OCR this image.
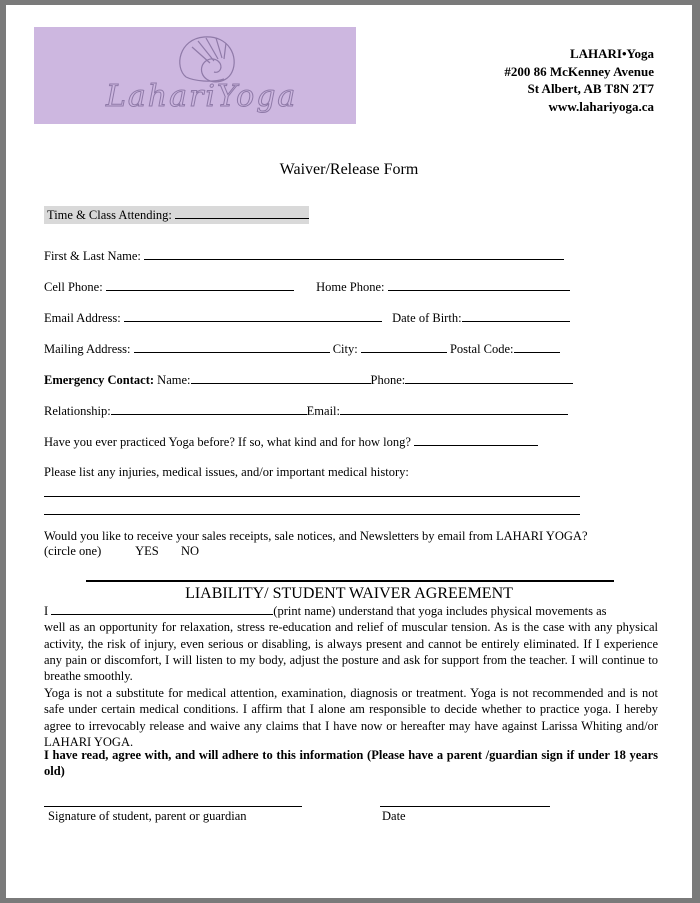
LahariYoga
LAHARI•Yoga
#200 86 McKenney Avenue
St Albert, AB T8N 2T7
www.lahariyoga.ca
Waiver/Release Form
Time & Class Attending:
First & Last Name:
Cell Phone:	Home Phone:
Email Address:	Date of Birth:
Mailing Address:	City:	Postal Code:
Emergency Contact: Name:	Phone:
Relationship:	Email:
Have you ever practiced Yoga before? If so, what kind and for how long?
Please list any injuries, medical issues, and/or important medical history:
Would you like to receive your sales receipts, sale notices, and Newsletters by email from LAHARI YOGA?
(circle one)	YES NO
LIABILITY/ STUDENT WAIVER AGREEMENT
I	(print name) understand that yoga includes physical movements as
well as an opportunity for relaxation, stress re-education and relief of muscular tension. As is the case with any physical activity, the risk of injury, even serious or disabling, is always present and cannot be entirely eliminated. If I experience any pain or discomfort, I will listen to my body, adjust the posture and ask for support from the teacher. I will continue to breathe smoothly.
Yoga is not a substitute for medical attention, examination, diagnosis or treatment. Yoga is not recommended and is not safe under certain medical conditions. I affirm that I alone am responsible to decide whether to practice yoga. I hereby agree to irrevocably release and waive any claims that I have now or hereafter may have against Larissa Whiting and/or LAHARI YOGA.
I have read, agree with, and will adhere to this information (Please have a parent /guardian sign if under 18 years old)
Signature of student, parent or guardian	Date
